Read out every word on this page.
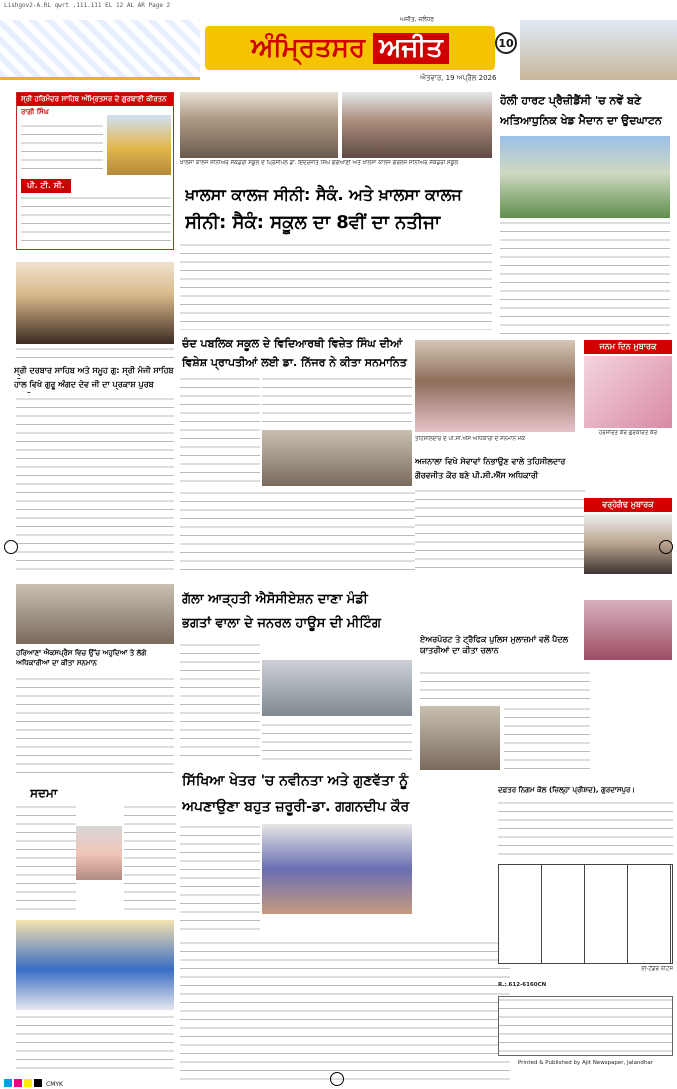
Lishgov2-A.RL qwrt .111.111 EL 12 AL AR Page 2
ਅਜੀਤ, ਜਲੰਧਰ
ਅੰਮ੍ਰਿਤਸਰ ਅਜੀਤ	10
ਐਤਵਾਰ, 19 ਅਪ੍ਰੈਲ 2026
ਸ੍ਰੀ ਹਰਿਮੰਦਰ ਸਾਹਿਬ ਅੰਮ੍ਰਿਤਸਰ ਦੇ ਗੁਰਬਾਣੀ ਕੀਰਤਨ
ਰਾਗੀ ਸਿੰਘ
ਪੀ. ਟੀ. ਸੀ.
ਖ਼ਾਲਸਾ ਕਾਲਜ ਸੀਨੀਅਰ ਸੈਕੰਡਰੀ ਸਕੂਲ ਦੇ ਪ੍ਰਿੰਸੀਪਲ ਡਾ. ਇੰਦਰਜੀਤ ਸਿੰਘ ਗੋਗੋਆਣੀ ਅਤੇ ਖ਼ਾਲਸਾ ਕਾਲਜ ਗਰਲਜ਼ ਸੀਨੀਅਰ ਸੈਕੰਡਰੀ ਸਕੂਲ
ਖ਼ਾਲਸਾ ਕਾਲਜ ਸੀਨੀ: ਸੈਕੰ. ਅਤੇ ਖ਼ਾਲਸਾ ਕਾਲਜ
ਸੀਨੀ: ਸੈਕੰ: ਸਕੂਲ ਦਾ 8ਵੀਂ ਦਾ ਨਤੀਜਾ
ਹੋਲੀ ਹਾਰਟ ਪ੍ਰੈਜ਼ੀਡੈਂਸੀ 'ਚ ਨਵੇਂ ਬਣੇ
ਅਤਿਆਧੁਨਿਕ ਖੇਡ ਮੈਦਾਨ ਦਾ ਉਦਘਾਟਨ
ਸ੍ਰੀ ਦਰਬਾਰ ਸਾਹਿਬ ਅਤੇ ਸਮੂਹ ਗੁ: ਸ੍ਰੀ ਮੰਜੀ ਸਾਹਿਬ
ਹਾਲ ਵਿਖੇ ਗੁਰੂ ਅੰਗਦ ਦੇਵ ਜੀ ਦਾ ਪ੍ਰਕਾਸ਼ ਪੁਰਬ
ਚੰਦ ਪਬਲਿਕ ਸਕੂਲ ਦੇ ਵਿਦਿਆਰਥੀ ਵਿਜ਼ੇਤ ਸਿੰਘ ਦੀਆਂ
ਵਿਸ਼ੇਸ਼ ਪ੍ਰਾਪਤੀਆਂ ਲਈ ਡਾ. ਨਿੱਜਰ ਨੇ ਕੀਤਾ ਸਨਮਾਨਿਤ
ਤਹਿਸੀਲਦਾਰ ਦੇ ਪੀ.ਸੀ.ਐੱਸ ਅਧਿਕਾਰੀ ਦੇ ਸਨਮਾਨ ਮੌਕੇ
ਅਜਨਾਲਾ ਵਿਖੇ ਸੇਵਾਵਾਂ ਨਿਭਾਉਣ ਵਾਲੇ ਤਹਿਸੀਲਦਾਰ
ਗੌਰਵਜੀਤ ਕੌਰ ਬਣੇ ਪੀ.ਸੀ.ਐੱਸ ਅਧਿਕਾਰੀ
ਜਨਮ ਦਿਨ ਮੁਬਾਰਕ
ਹਰਸੀਰਤ ਕੌਰ ਗੁਰਕੀਰਤ ਕੌਰ
ਵਰ੍ਹੇਗੰਢ ਮੁਬਾਰਕ
ਗੱਲਾ ਆੜ੍ਹਤੀ ਐਸੋਸੀਏਸ਼ਨ ਦਾਣਾ ਮੰਡੀ
ਭਗਤਾਂ ਵਾਲਾ ਦੇ ਜਨਰਲ ਹਾਊਸ ਦੀ ਮੀਟਿੰਗ
ਹਰਿਆਣਾ ਐਕਸਪ੍ਰੈਸ ਵਿਚ ਉੱਚ ਅਹੁਦਿਆਂ ਤੇ ਲੱਗੇ ਅਧਿਕਾਰੀਆਂ ਦਾ ਕੀਤਾ ਸਨਮਾਨ
ਏਅਰਪੋਰਟ ਤੇ ਟ੍ਰੈਫਿਕ ਪੁਲਿਸ ਮੁਲਾਜ਼ਮਾਂ ਵਲੋਂ ਪੈਦਲ ਯਾਤਰੀਆਂ ਦਾ ਕੀਤਾ ਚਲਾਨ
ਸਿੱਖਿਆ ਖੇਤਰ 'ਚ ਨਵੀਨਤਾ ਅਤੇ ਗੁਣਵੱਤਾ ਨੂੰ
ਅਪਣਾਉਣਾ ਬਹੁਤ ਜ਼ਰੂਰੀ-ਡਾ. ਗਗਨਦੀਪ ਕੌਰ
ਸਦਮਾ	ਦਫ਼ਤਰ ਨਿਗਮ ਕੋਲ (ਜ਼ਿਲ੍ਹਾ ਪ੍ਰੀਸ਼ਦ), ਗੁਰਦਾਸਪੁਰ।
ਈ-ਟੈਂਡਰ ਨੋਟਿਸ
R.: 612-6160CN
Printed & Published by Ajit Newspaper, Jalandhar
CMYK
